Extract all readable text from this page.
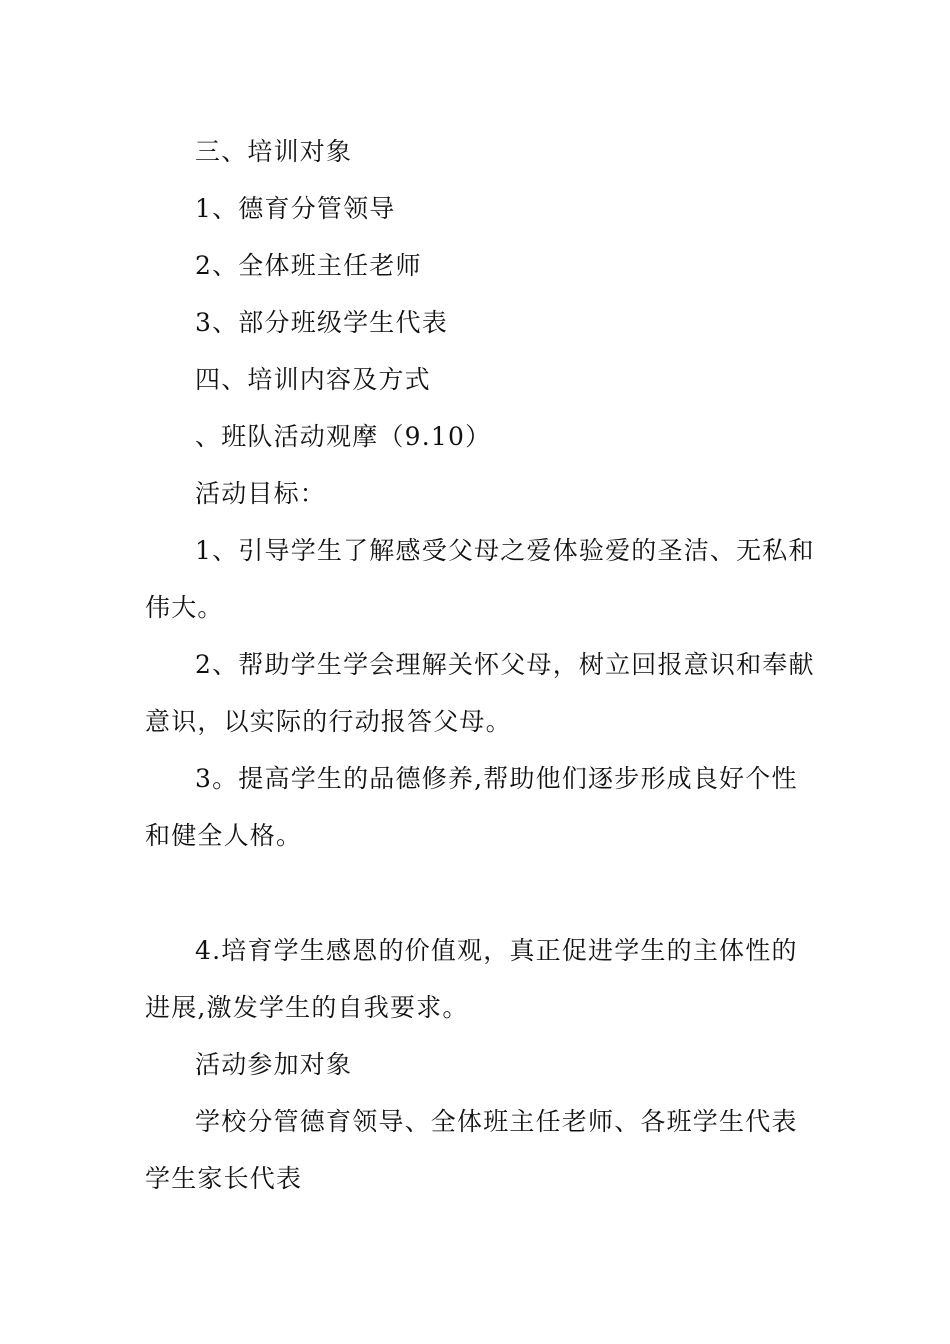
三、培训对象
1、德育分管领导
2、全体班主任老师
3、部分班级学生代表
四、培训内容及方式
、班队活动观摩（9.10）
活动目标：
1、引导学生了解感受父母之爱体验爱的圣洁、无私和
伟大。
2、帮助学生学会理解关怀父母，树立回报意识和奉献
意识，以实际的行动报答父母。
3。提高学生的品德修养,帮助他们逐步形成良好个性
和健全人格。
4.培育学生感恩的价值观，真正促进学生的主体性的
进展,激发学生的自我要求。
活动参加对象
学校分管德育领导、全体班主任老师、各班学生代表
学生家长代表
